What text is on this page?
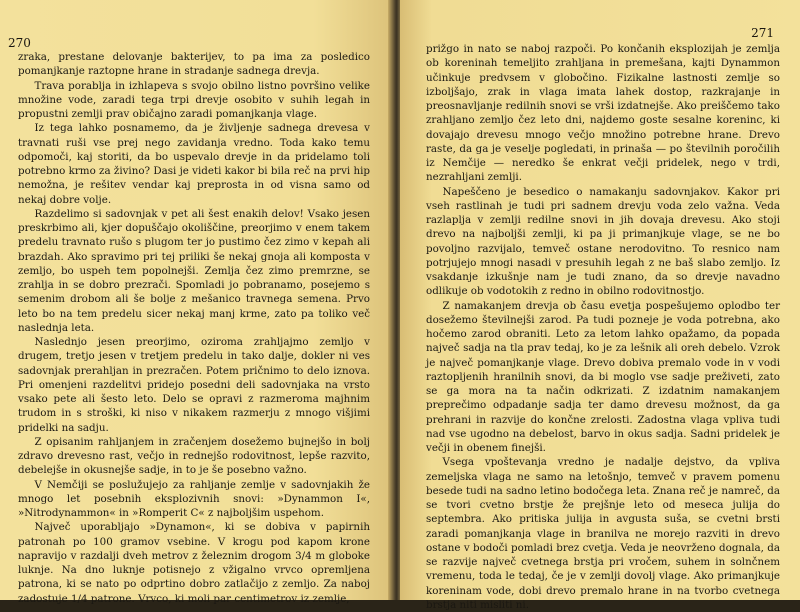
270

zraka, prestane delovanje bakterijev, to pa ima za posledico pomanjkanje raztopne hrane in stradanje sadnega drevja.

Trava porablja in izhlapeva s svojo obilno listno površino velike množine vode, zaradi tega trpi drevje osobito v suhih legah in propustni zemlji prav običajno zaradi pomanjkanja vlage.

Iz tega lahko posnamemo, da je življenje sadnega drevesa v travnati ruši vse prej nego zavidanja vredno. Toda kako temu odpomoči, kaj storiti, da bo uspevalo drevje in da pridelamo toli potrebno krmo za živino? Dasi je videti kakor bi bila reč na prvi hip nemožna, je rešitev vendar kaj preprosta in od visna samo od nekaj dobre volje.

Razdelimo si sadovnjak v pet ali šest enakih delov! Vsako jesen preskrbimo ali, kjer dopuščajo okoliščine, preorjimo v enem takem predelu travnato rušo s plugom ter jo pustimo čez zimo v kepah ali brazdah. Ako spravimo pri tej priliki še nekaj gnoja ali komposta v zemljo, bo uspeh tem popolnejši. Zemlja čez zimo premrzne, se zrahlja in se dobro prezrači. Spomladi jo pobranamo, posejemo s semenim drobom ali še bolje z mešanico travnega semena. Prvo leto bo na tem predelu sicer nekaj manj krme, zato pa toliko več naslednja leta.

Naslednjo jesen preorjimo, oziroma zrahljajmo zemljo v drugem, tretjo jesen v tretjem predelu in tako dalje, dokler ni ves sadovnjak prerahljan in prezračen. Potem pričnimo to delo iznova. Pri omenjeni razdelitvi pridejo posedni deli sadovnjaka na vrsto vsako pete ali šesto leto. Delo se opravi z razmeroma majhnim trudom in s stroški, ki niso v nikakem razmerju z mnogo višjimi pridelki na sadju.

Z opisanim rahljanjem in zračenjem dosežemo bujnejšo in bolj zdravo drevesno rast, večjo in rednejšo rodovitnost, lepše razvito, debelejše in okusnejše sadje, in to je še posebno važno.

V Nemčiji se poslužujejo za rahljanje zemlje v sadovnjakih že mnogo let posebnih eksplozivnih snovi: »Dynammon I«, »Nitrodynammon« in »Romperit C« z najboljšim uspehom.

Največ uporabljajo »Dynamon«, ki se dobiva v papirnih patronah po 100 gramov vsebine. V krogu pod kapom krone napravijo v razdalji dveh metrov z železnim drogom 3/4 m globoke luknje. Na dno luknje potisnejo z vžigalno vrvco opremljena patrona, ki se nato po odprtino dobro zatlačijo z zemljo. Za naboj zadostuje 1/4 patrone. Vrvco, ki moli par centimetrov iz zemlje,

271

prižgo in nato se naboj razpoči. Po končanih eksplozijah je zemlja ob koreninah temeljito zrahljana in premešana, kajti Dynammon učinkuje predvsem v globočino. Fizikalne lastnosti zemlje so izboljšajo, zrak in vlaga imata lahek dostop, razkrajanje in preosnavljanje redilnih snovi se vrši izdatnejše. Ako preiščemo tako zrahljano zemljo čez leto dni, najdemo goste sesalne koreninc, ki dovajajo drevesu mnogo večjo množino potrebne hrane. Drevo raste, da ga je veselje pogledati, in prinaša — po številnih poročilih iz Nemčije — neredko še enkrat večji pridelek, nego v trdi, nezrahljani zemlji.

Napeščeno je besedico o namakanju sadovnjakov. Kakor pri vseh rastlinah je tudi pri sadnem drevju voda zelo važna. Veda razlaplja v zemlji redilne snovi in jih dovaja drevesu. Ako stoji drevo na najboljši zemlji, ki pa ji primanjkuje vlage, se ne bo povoljno razvijalo, temveč ostane nerodovitno. To resnico nam potrjujejo mnogi nasadi v presuhih legah z ne baš slabo zemljo. Iz vsakdanje izkušnje nam je tudi znano, da so drevje navadno odlikuje ob vodotokih z redno in obilno rodovitnostjo.

Z namakanjem drevja ob času evetja pospešujemo oplodbo ter dosežemo številnejši zarod. Pa tudi pozneje je voda potrebna, ako hočemo zarod obraniti. Leto za letom lahko opažamo, da popada največ sadja na tla prav tedaj, ko je za lešnik ali oreh debelo. Vzrok je največ pomanjkanje vlage. Drevo dobiva premalo vode in v vodi raztopljenih hranilnih snovi, da bi moglo vse sadje preživeti, zato se ga mora na ta način odkrizati. Z izdatnim namakanjem preprečimo odpadanje sadja ter damo drevesu možnost, da ga prehrani in razvije do končne zrelosti. Zadostna vlaga vpliva tudi nad vse ugodno na debelost, barvo in okus sadja. Sadni pridelek je večji in obenem finejši.

Vsega vpoštevanja vredno je nadalje dejstvo, da vpliva zemeljska vlaga ne samo na letošnjo, temveč v pravem pomenu besede tudi na sadno letino bodočega leta. Znana reč je namreč, da se tvori cvetno brstje že prejšnje leto od meseca julija do septembra. Ako pritiska julija in avgusta suša, se cvetni brsti zaradi pomanjkanja vlage in branilva ne morejo razviti in drevo ostane v bodoči pomladi brez cvetja. Veda je neovrženo dognala, da se razvije največ cvetnega brstja pri vročem, suhem in solnčnem vremenu, toda le tedaj, če je v zemlji dovolj vlage. Ako primanjkuje koreninam vode, dobi drevo premalo hrane in na tvorbo cvetnega brstja niti misliti ni.
